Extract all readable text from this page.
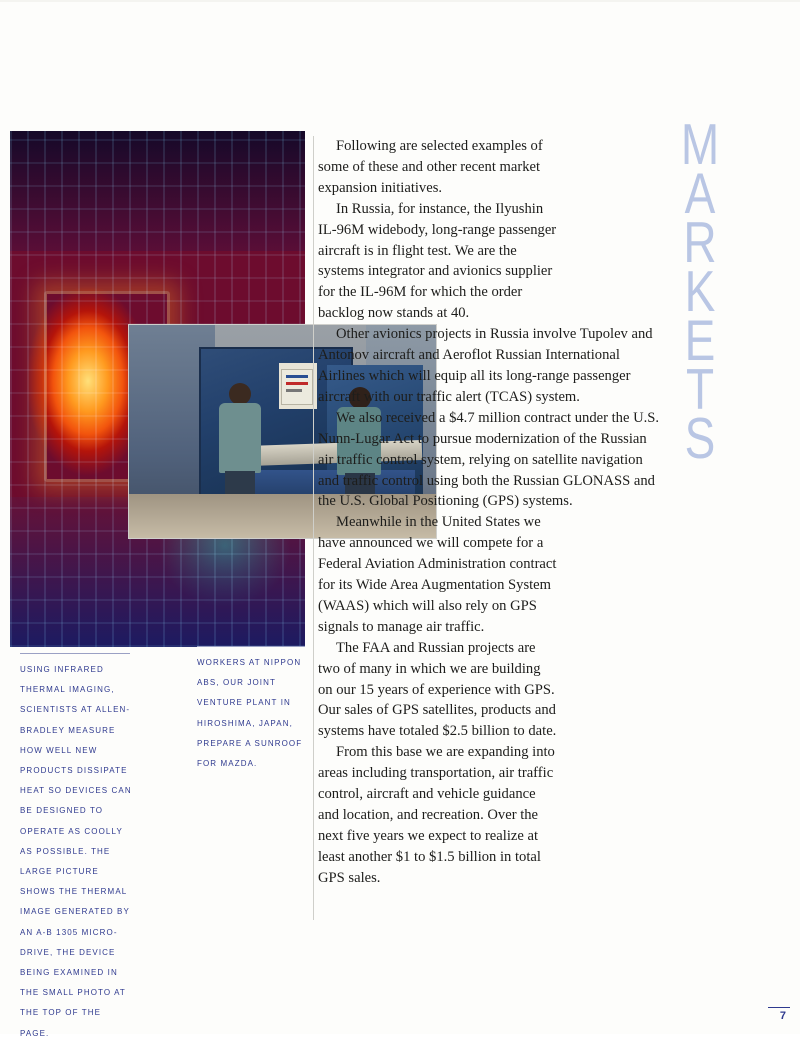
USING INFRARED THERMAL IMAGING, SCIENTISTS AT ALLEN-BRADLEY MEASURE HOW WELL NEW PRODUCTS DISSIPATE HEAT SO DEVICES CAN BE DESIGNED TO OPERATE AS COOLLY AS POSSIBLE. THE LARGE PICTURE SHOWS THE THERMAL IMAGE GENERATED BY AN A-B 1305 MICRO-DRIVE, THE DEVICE BEING EXAMINED IN THE SMALL PHOTO AT THE TOP OF THE PAGE.
WORKERS AT NIPPON ABS, OUR JOINT VENTURE PLANT IN HIROSHIMA, JAPAN, PREPARE A SUNROOF FOR MAZDA.

Following are selected examples of some of these and other recent market expansion initiatives.

In Russia, for instance, the Ilyushin IL-96M widebody, long-range passenger aircraft is in flight test. We are the systems integrator and avionics supplier for the IL-96M for which the order backlog now stands at 40.

Other avionics projects in Russia involve Tupolev and Antonov aircraft and Aeroflot Russian International Airlines which will equip all its long-range passenger aircraft with our traffic alert (TCAS) system.

We also received a $4.7 million contract under the U.S. Nunn-Lugar Act to pursue modernization of the Russian air traffic control system, relying on satellite navigation and traffic control using both the Russian GLONASS and the U.S. Global Positioning (GPS) systems.

Meanwhile in the United States we have announced we will compete for a Federal Aviation Administration contract for its Wide Area Augmentation System (WAAS) which will also rely on GPS signals to manage air traffic.

The FAA and Russian projects are two of many in which we are building on our 15 years of experience with GPS. Our sales of GPS satellites, products and systems have totaled $2.5 billion to date.

From this base we are expanding into areas including transportation, air traffic control, aircraft and vehicle guidance and location, and recreation. Over the next five years we expect to realize at least another $1 to $1.5 billion in total GPS sales.

M
A
R
K
E
T
S
7
